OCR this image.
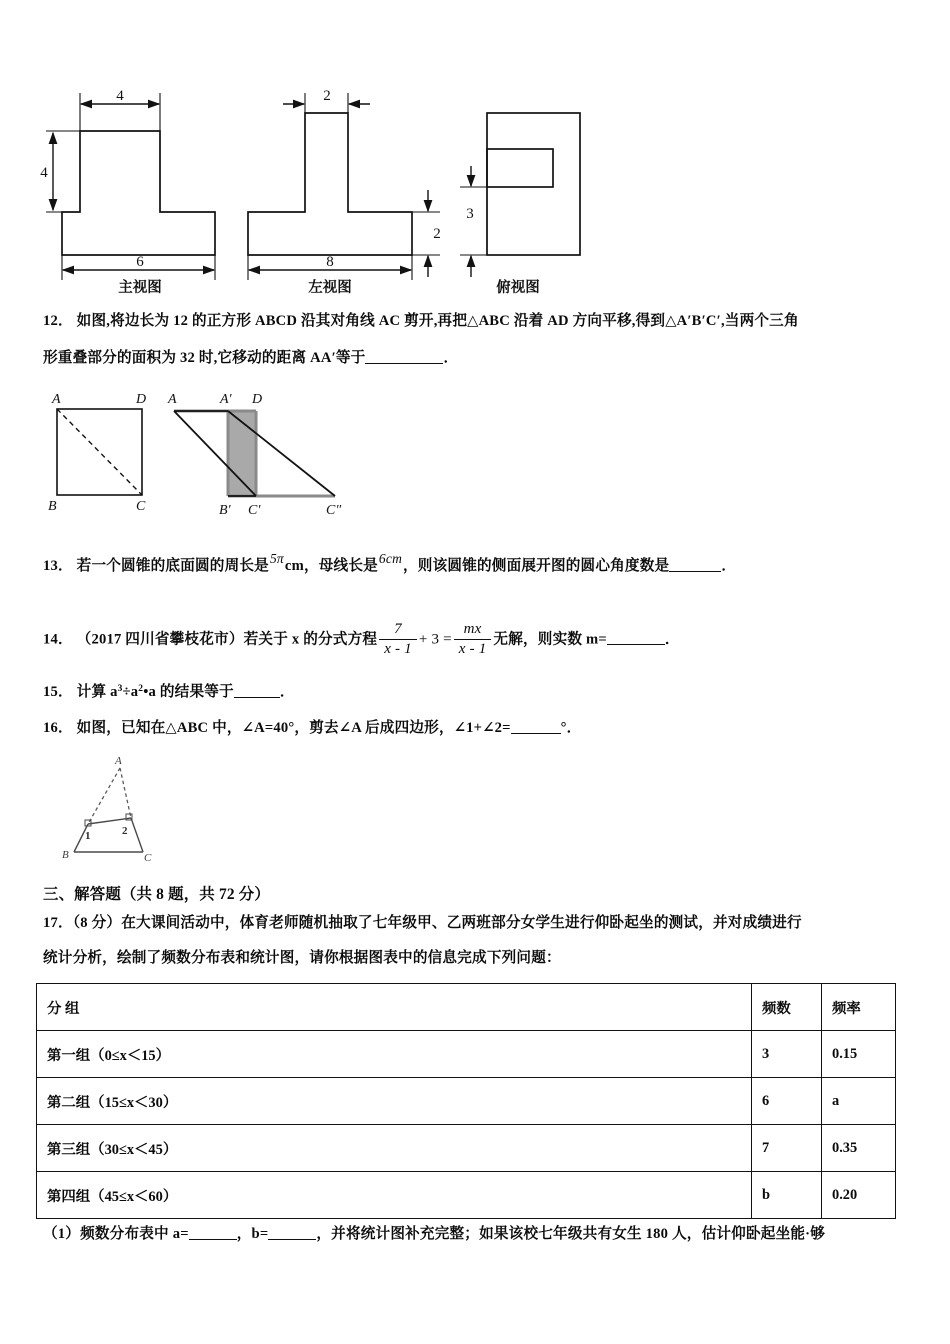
4
4
6
主视图
2
8
2
左视图
3
俯视图
12． 如图,将边长为 12 的正方形 ABCD 沿其对角线 AC 剪开,再把△ABC 沿着 AD 方向平移,得到△A′B′C′,当两个三角
形重叠部分的面积为 32 时,它移动的距离 AA′等于	．
A	D
B	C
A	A′ D
B′ C′	C″
13． 若一个圆锥的底面圆的周长是5πcm，母线长是6cm，则该圆锥的侧面展开图的圆心角度数是	．
14． （2017 四川省攀枝花市）若关于 x 的分式方程 $\frac{7}{x - 1} + 3 = \frac{mx}{x - 1}$ 无解，则实数 m=	．
15． 计算 $a^3\div a^2•a$ 的结果等于	．
16． 如图，已知在△ABC 中，∠A=40°，剪去∠A 后成四边形，∠1+∠2=	°．
A
B	C
1	2
三、解答题（共 8 题，共 72 分）
17．（8 分）在大课间活动中，体育老师随机抽取了七年级甲、乙两班部分女学生进行仰卧起坐的测试，并对成绩进行
统计分析，绘制了频数分布表和统计图，请你根据图表中的信息完成下列问题：
分 组	频数	频率
第一组（0≤x＜15）	3	0.15
第二组（15≤x＜30）	6	a
第三组（30≤x＜45）	7	0.35
第四组（45≤x＜60）	b	0.20
（1）频数分布表中 a=	，b=	，并将统计图补充完整；如果该校七年级共有女生 180 人，估计仰卧起坐能·够
